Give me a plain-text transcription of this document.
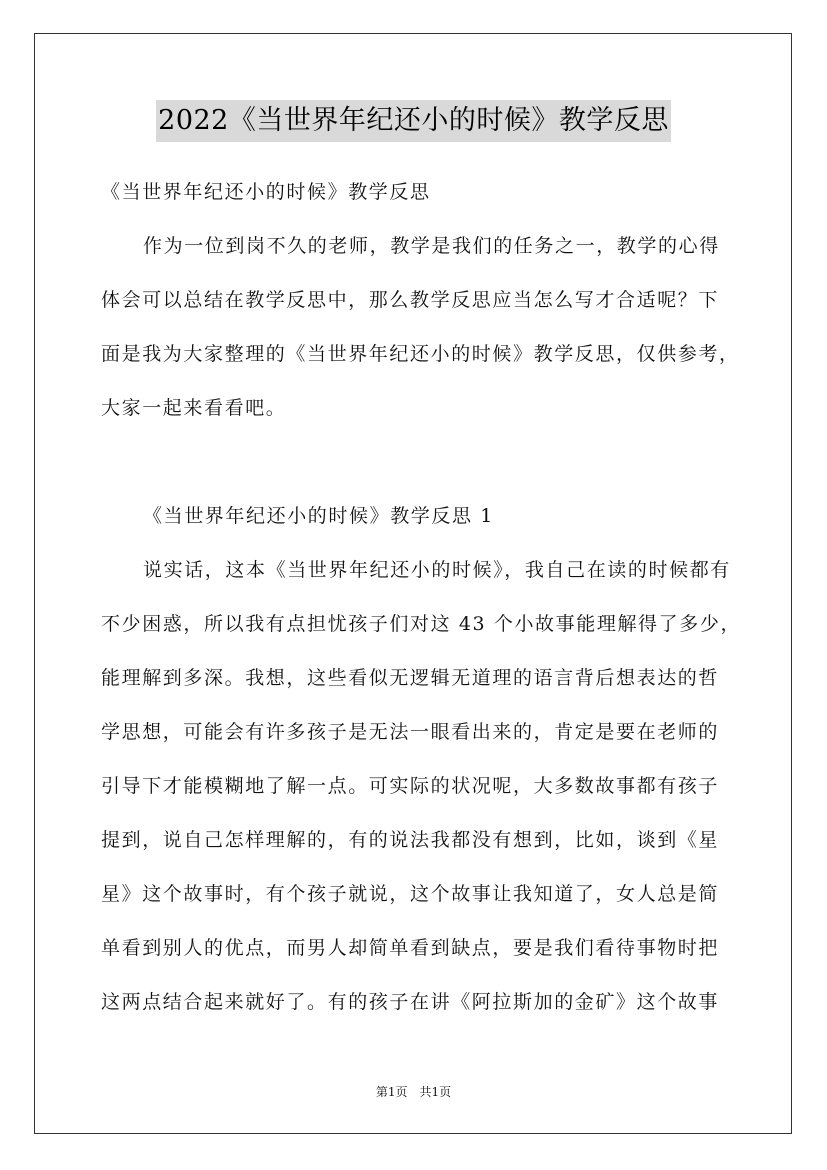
2022《当世界年纪还小的时候》教学反思
《当世界年纪还小的时候》教学反思
作为一位到岗不久的老师，教学是我们的任务之一，教学的心得
体会可以总结在教学反思中，那么教学反思应当怎么写才合适呢？下
面是我为大家整理的《当世界年纪还小的时候》教学反思，仅供参考，
大家一起来看看吧。
《当世界年纪还小的时候》教学反思 1
说实话，这本《当世界年纪还小的时候》，我自己在读的时候都有
不少困惑，所以我有点担忧孩子们对这 43 个小故事能理解得了多少，
能理解到多深。我想，这些看似无逻辑无道理的语言背后想表达的哲
学思想，可能会有许多孩子是无法一眼看出来的，肯定是要在老师的
引导下才能模糊地了解一点。可实际的状况呢，大多数故事都有孩子
提到，说自己怎样理解的，有的说法我都没有想到，比如，谈到《星
星》这个故事时，有个孩子就说，这个故事让我知道了，女人总是简
单看到别人的优点，而男人却简单看到缺点，要是我们看待事物时把
这两点结合起来就好了。有的孩子在讲《阿拉斯加的金矿》这个故事
第1页　共1页
